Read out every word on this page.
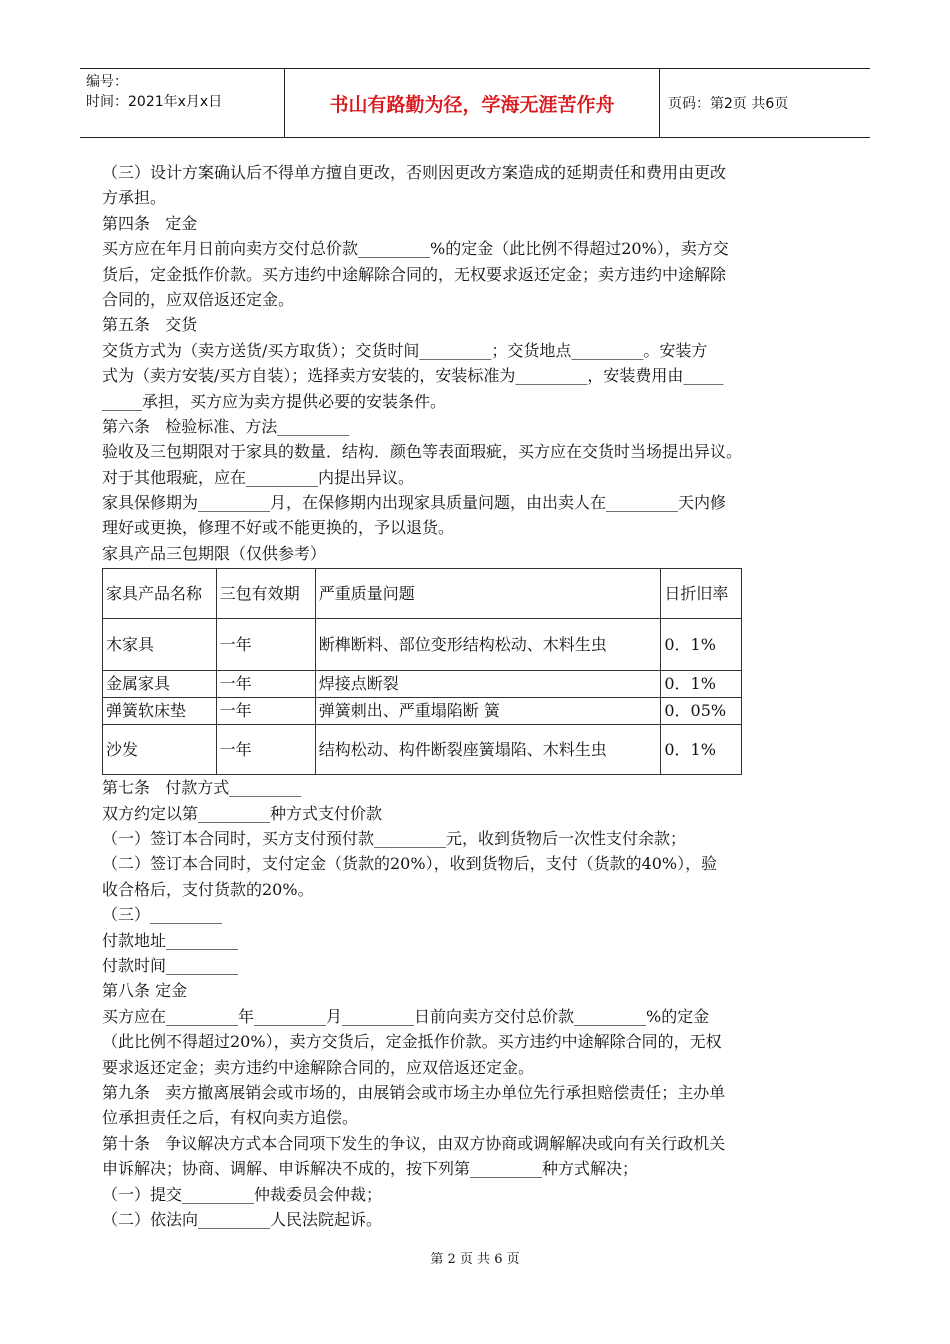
编号：
时间：2021年x月x日	书山有路勤为径，学海无涯苦作舟	页码：第2页 共6页
（三）设计方案确认后不得单方擅自更改，否则因更改方案造成的延期责任和费用由更改
方承担。
第四条   定金
买方应在年月日前向卖方交付总价款_________%的定金（此比例不得超过20%），卖方交
货后，定金抵作价款。买方违约中途解除合同的，无权要求返还定金；卖方违约中途解除
合同的，应双倍返还定金。
第五条   交货
交货方式为（卖方送货/买方取货）；交货时间_________；交货地点_________。安装方
式为（卖方安装/买方自装）；选择卖方安装的，安装标准为_________，安装费用由_____
_____承担，买方应为卖方提供必要的安装条件。
第六条   检验标准、方法_________
验收及三包期限对于家具的数量．结构．颜色等表面瑕疵，买方应在交货时当场提出异议。
对于其他瑕疵，应在_________内提出异议。
家具保修期为_________月，在保修期内出现家具质量问题，由出卖人在_________天内修
理好或更换，修理不好或不能更换的，予以退货。
家具产品三包期限（仅供参考）
家具产品名称	三包有效期	严重质量问题	日折旧率
木家具	一年	断榫断料、部位变形结构松动、木料生虫	0．1%
金属家具	一年	焊接点断裂	0．1%
弹簧软床垫	一年	弹簧刺出、严重塌陷断 簧	0．05%
沙发	一年	结构松动、构件断裂座簧塌陷、木料生虫	0．1%
第七条   付款方式_________
双方约定以第_________种方式支付价款
（一）签订本合同时，买方支付预付款_________元，收到货物后一次性支付余款；
（二）签订本合同时，支付定金（货款的20%），收到货物后，支付（货款的40%），验
收合格后，支付货款的20%。
（三）_________
付款地址_________
付款时间_________
第八条 定金
买方应在_________年_________月_________日前向卖方交付总价款_________%的定金
（此比例不得超过20%），卖方交货后，定金抵作价款。买方违约中途解除合同的，无权
要求返还定金；卖方违约中途解除合同的，应双倍返还定金。
第九条   卖方撤离展销会或市场的，由展销会或市场主办单位先行承担赔偿责任；主办单
位承担责任之后，有权向卖方追偿。
第十条   争议解决方式本合同项下发生的争议，由双方协商或调解解决或向有关行政机关
申诉解决；协商、调解、申诉解决不成的，按下列第_________种方式解决；
（一）提交_________仲裁委员会仲裁；
（二）依法向_________人民法院起诉。
第 2 页 共 6 页
